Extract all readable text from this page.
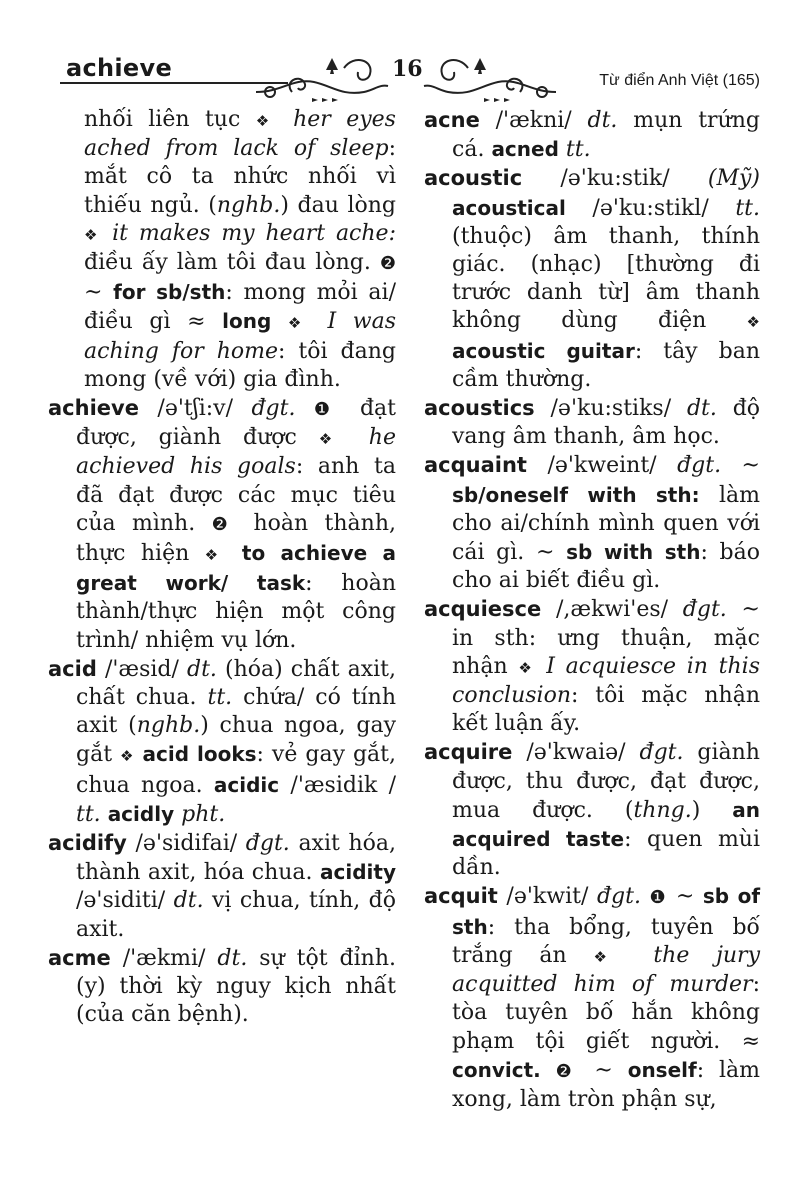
achieve	16	Từ điển Anh Việt (165)

nhối liên tục ❖ her eyes ached from lack of sleep: mắt cô ta nhức nhối vì thiếu ngủ. (nghb.) đau lòng ❖ it makes my heart ache: điều ấy làm tôi đau lòng. ❷ ~ for sb/sth: mong mỏi ai/điều gì ≈ long ❖ I was aching for home: tôi đang mong (về với) gia đình.

achieve /ə'tʃi:v/ đgt. ❶ đạt được, giành được ❖ he achieved his goals: anh ta đã đạt được các mục tiêu của mình. ❷ hoàn thành, thực hiện ❖ to achieve a great work/ task: hoàn thành/thực hiện một công trình/ nhiệm vụ lớn.

acid /'æsid/ dt. (hóa) chất axit, chất chua. tt. chứa/ có tính axit (nghb.) chua ngoa, gay gắt ❖ acid looks: vẻ gay gắt, chua ngoa. acidic /'æsidik / tt. acidly pht.

acidify /ə'sidifai/ đgt. axit hóa, thành axit, hóa chua. acidity /ə'siditi/ dt. vị chua, tính, độ axit.

acme /'ækmi/ dt. sự tột đỉnh. (y) thời kỳ nguy kịch nhất (của căn bệnh).

acne /'ækni/ dt. mụn trứng cá. acned tt.

acoustic /ə'ku:stik/ (Mỹ) acoustical /ə'ku:stikl/ tt. (thuộc) âm thanh, thính giác. (nhạc) [thường đi trước danh từ] âm thanh không dùng điện	❖ acoustic guitar: tây ban cầm thường.

acoustics /ə'ku:stiks/ dt. độ vang âm thanh, âm học.

acquaint /ə'kweint/ đgt. ~ sb/oneself with sth: làm cho ai/chính mình quen với cái gì. ~ sb with sth: báo cho ai biết điều gì.

acquiesce /,ækwi'es/ đgt. ~ in sth: ưng thuận, mặc nhận ❖ I acquiesce in this conclusion: tôi mặc nhận kết luận ấy.

acquire /ə'kwaiə/ đgt. giành được, thu được, đạt được, mua được. (thng.) an acquired taste: quen mùi dần.

acquit /ə'kwit/ đgt. ❶ ~ sb of sth: tha bổng, tuyên bố trắng án ❖ the jury acquitted him of murder: tòa tuyên bố hắn không phạm tội giết người. ≈ convict. ❷ ~ onself: làm xong, làm tròn phận sự,
